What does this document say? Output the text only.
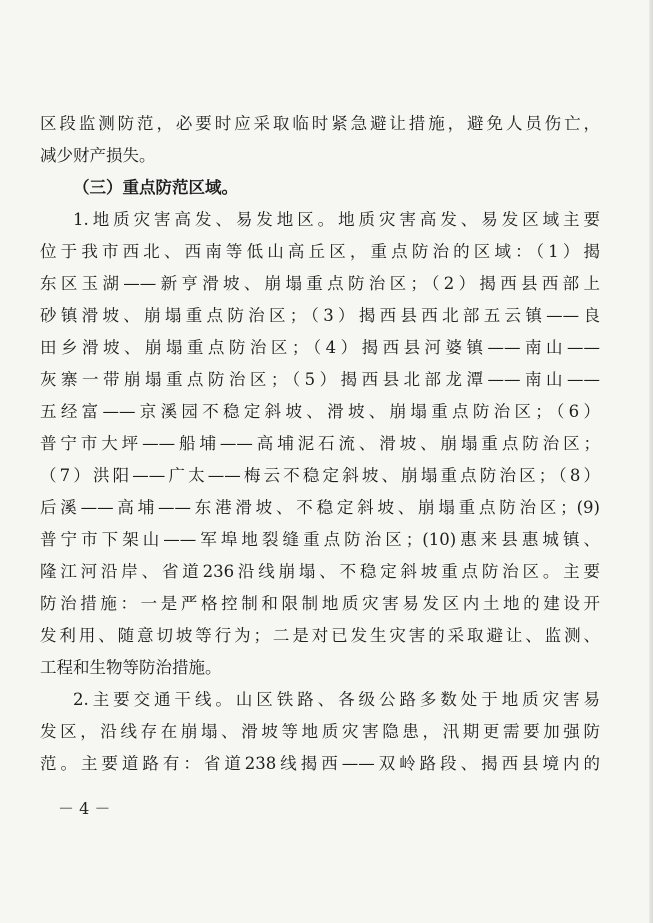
区段监测防范，必要时应采取临时紧急避让措施，避免人员伤亡，
减少财产损失。
（三）重点防范区域。
1.地质灾害高发、易发地区。地质灾害高发、易发区域主要
位于我市西北、西南等低山高丘区，重点防治的区域：（1）揭
东区玉湖——新亨滑坡、崩塌重点防治区；（2）揭西县西部上
砂镇滑坡、崩塌重点防治区；（3）揭西县西北部五云镇——良
田乡滑坡、崩塌重点防治区；（4）揭西县河婆镇——南山——
灰寨一带崩塌重点防治区；（5）揭西县北部龙潭——南山——
五经富——京溪园不稳定斜坡、滑坡、崩塌重点防治区；（6）
普宁市大坪——船埔——高埔泥石流、滑坡、崩塌重点防治区；
（7）洪阳——广太——梅云不稳定斜坡、崩塌重点防治区；（8）
后溪——高埔——东港滑坡、不稳定斜坡、崩塌重点防治区；(9)
普宁市下架山——军埠地裂缝重点防治区；(10)惠来县惠城镇、
隆江河沿岸、省道236沿线崩塌、不稳定斜坡重点防治区。主要
防治措施：一是严格控制和限制地质灾害易发区内土地的建设开
发利用、随意切坡等行为；二是对已发生灾害的采取避让、监测、
工程和生物等防治措施。
2.主要交通干线。山区铁路、各级公路多数处于地质灾害易
发区，沿线存在崩塌、滑坡等地质灾害隐患，汛期更需要加强防
范。主要道路有：省道238线揭西——双岭路段、揭西县境内的
－ 4 －
